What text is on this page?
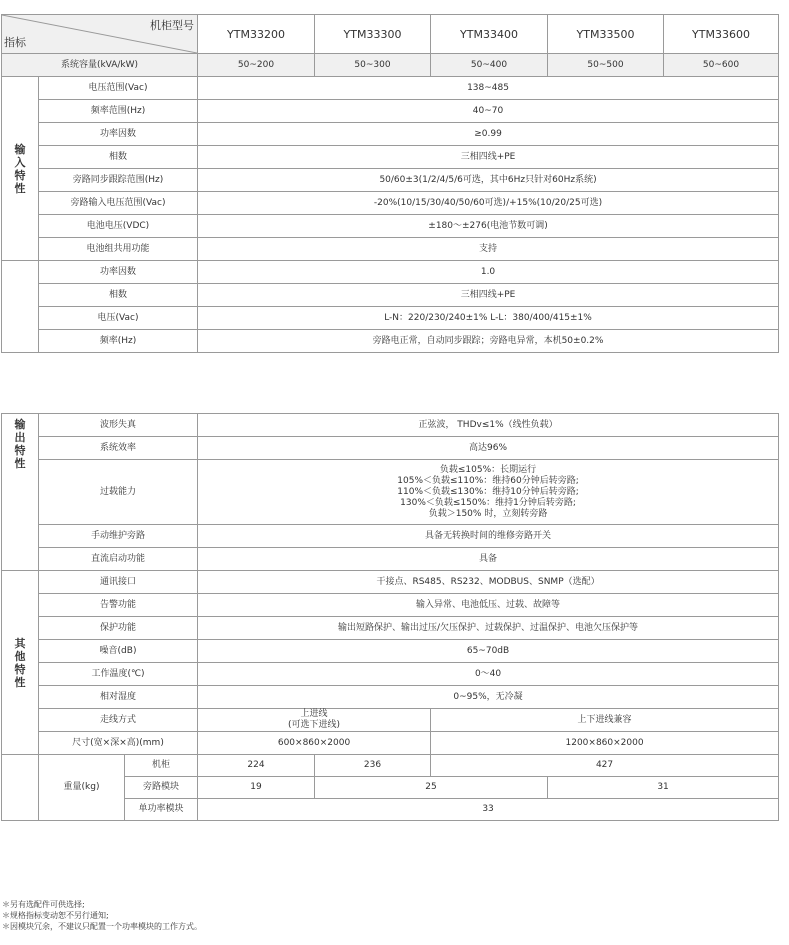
机柜型号
指标		YTM33200	YTM33300	YTM33400	YTM33500	YTM33600
系统容量(kVA/kW)		50~200	50~300	50~400	50~500	50~600

输
入
特
性	电压范围(Vac)	138~485				
	频率范围(Hz)	40~70				
	功率因数	≥0.99				
	相数	三相四线+PE				
	旁路同步跟踪范围(Hz)	50/60±3(1/2/4/5/6可选，其中6Hz只针对60Hz系统)				
	旁路输入电压范围(Vac)	-20%(10/15/30/40/50/60可选)/+15%(10/20/25可选)				
	电池电压(VDC)	±180～±276(电池节数可调)				
	电池组共用功能	支持				
	功率因数	1.0				
	相数	三相四线+PE				
	电压(Vac)	L-N：220/230/240±1% L-L：380/400/415±1%				
	频率(Hz)	旁路电正常，自动同步跟踪；旁路电异常，本机50±0.2%				
输
出
特
性	波形失真		正弦波， THDv≤1%（线性负载）			
	系统效率		高达96%			
	过载能力		负载≤105%：长期运行
105%＜负载≤110%：维持60分钟后转旁路;
110%＜负载≤130%：维持10分钟后转旁路;
130%＜负载≤150%：维持1分钟后转旁路;
负载＞150% 时，立刻转旁路			

	手动维护旁路		具备无转换时间的维修旁路开关			
	直流启动功能		具备			

其
他
特
性	通讯接口		干接点、RS485、RS232、MODBUS、SNMP（选配）			
	告警功能		输入异常、电池低压、过载、故障等			
	保护功能		输出短路保护、输出过压/欠压保护、过载保护、过温保护、电池欠压保护等			
	噪音(dB)		65~70dB			
	工作温度(℃)		0～40			
	相对湿度		0~95%，无冷凝			
	走线方式		上进线
(可选下进线)		上下进线兼容	
	尺寸(宽×深×高)(mm)		600×860×2000		1200×860×2000	
	重量(kg)	机柜	224	236	427	
		旁路模块	19	25		31
		单功率模块	33			
＊另有选配件可供选择;
＊规格指标变动恕不另行通知;
＊因模块冗余，不建议只配置一个功率模块的工作方式。
